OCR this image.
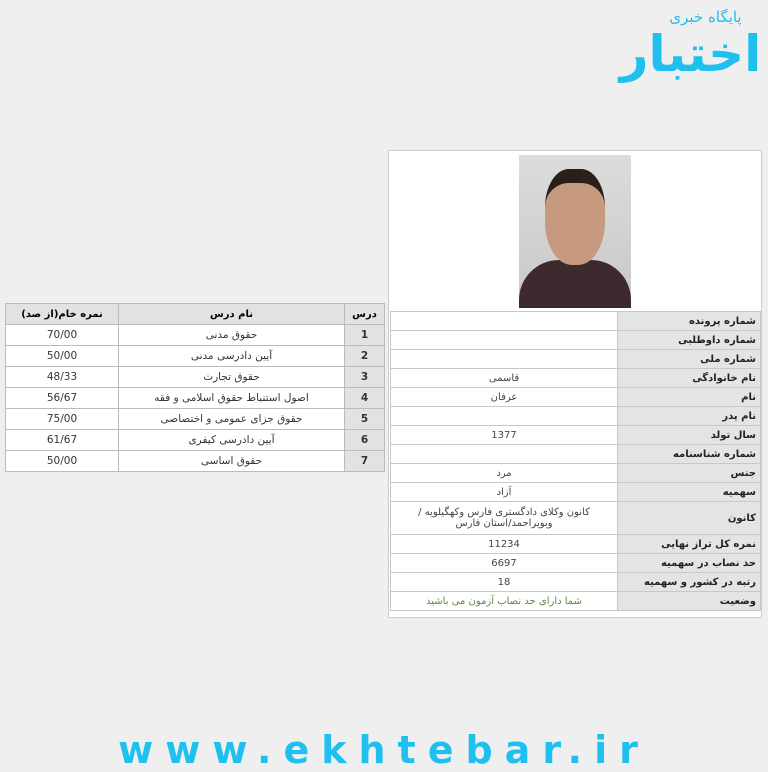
پایگاه خبری
اختبار
شماره پرونده	
شماره داوطلبی	
شماره ملی	
نام خانوادگی	قاسمی
نام	عرفان
نام پدر	
سال تولد	1377
شماره شناسنامه	
جنس	مرد
سهمیه	آزاد
کانون	کانون وکلای دادگستری فارس وکهگیلویه / وبویراحمد/استان فارس
نمره کل تراز نهایی	11234
حد نصاب در سهمیه	6697
رتبه در کشور و سهمیه	18
وضعیت	شما دارای حد نصاب آزمون می باشید
درس	نام درس	نمره خام(از صد)
1	حقوق مدنی	70/00
2	آیین دادرسی مدنی	50/00
3	حقوق تجارت	48/33
4	اصول استنباط حقوق اسلامی و فقه	56/67
5	حقوق جزای عمومی و اختصاصی	75/00
6	آیین دادرسی کیفری	61/67
7	حقوق اساسی	50/00
www.ekhtebar.ir
